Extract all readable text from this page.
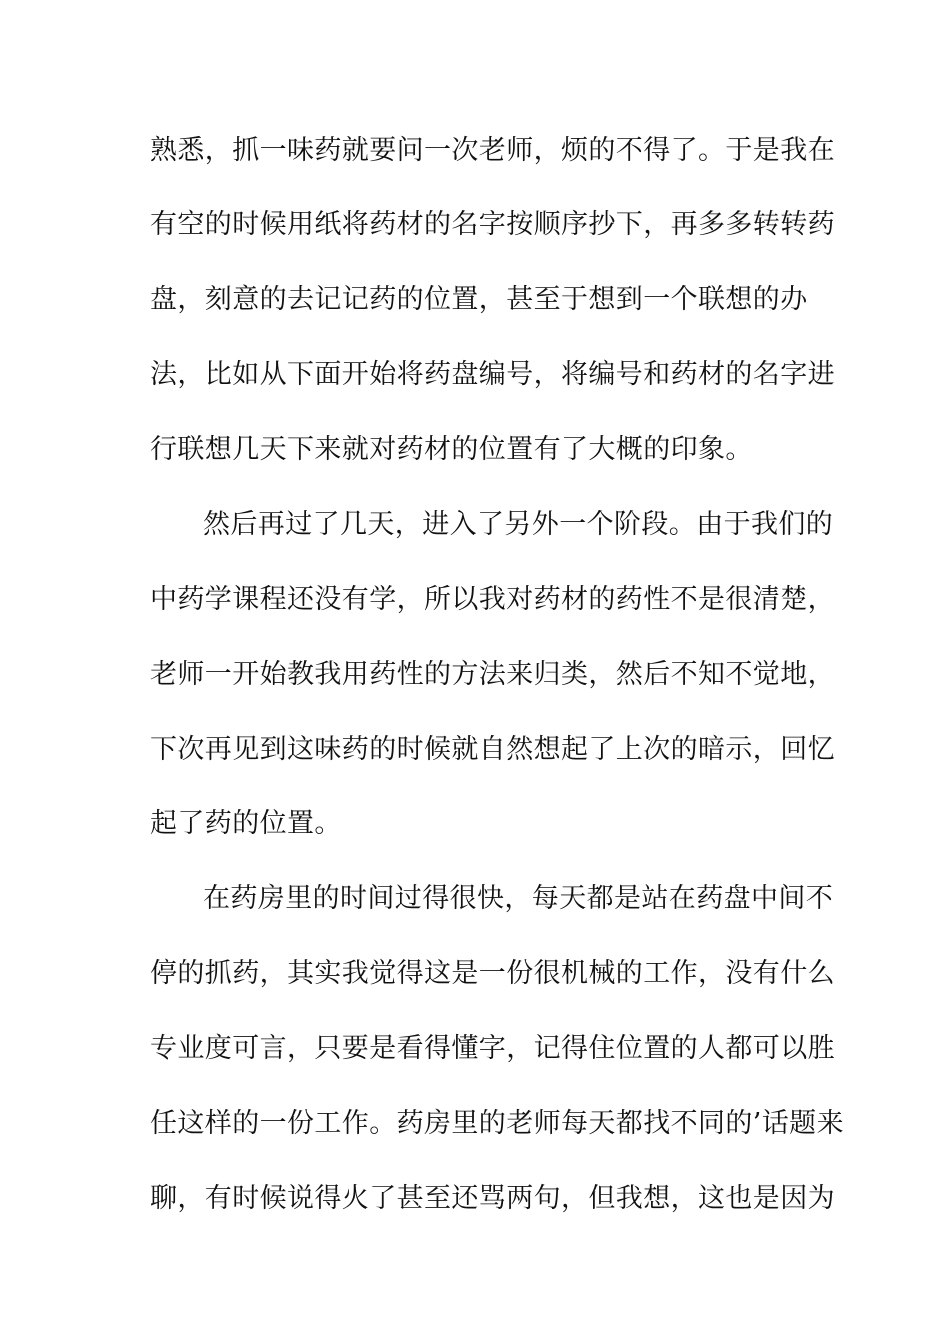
熟悉，抓一味药就要问一次老师，烦的不得了。于是我在
有空的时候用纸将药材的名字按顺序抄下，再多多转转药
盘，刻意的去记记药的位置，甚至于想到一个联想的办
法，比如从下面开始将药盘编号，将编号和药材的名字进
行联想几天下来就对药材的位置有了大概的印象。
然后再过了几天，进入了另外一个阶段。由于我们的
中药学课程还没有学，所以我对药材的药性不是很清楚，
老师一开始教我用药性的方法来归类，然后不知不觉地，
下次再见到这味药的时候就自然想起了上次的暗示，回忆
起了药的位置。
在药房里的时间过得很快，每天都是站在药盘中间不
停的抓药，其实我觉得这是一份很机械的工作，没有什么
专业度可言，只要是看得懂字，记得住位置的人都可以胜
任这样的一份工作。药房里的老师每天都找不同的’话题来
聊，有时候说得火了甚至还骂两句，但我想，这也是因为
